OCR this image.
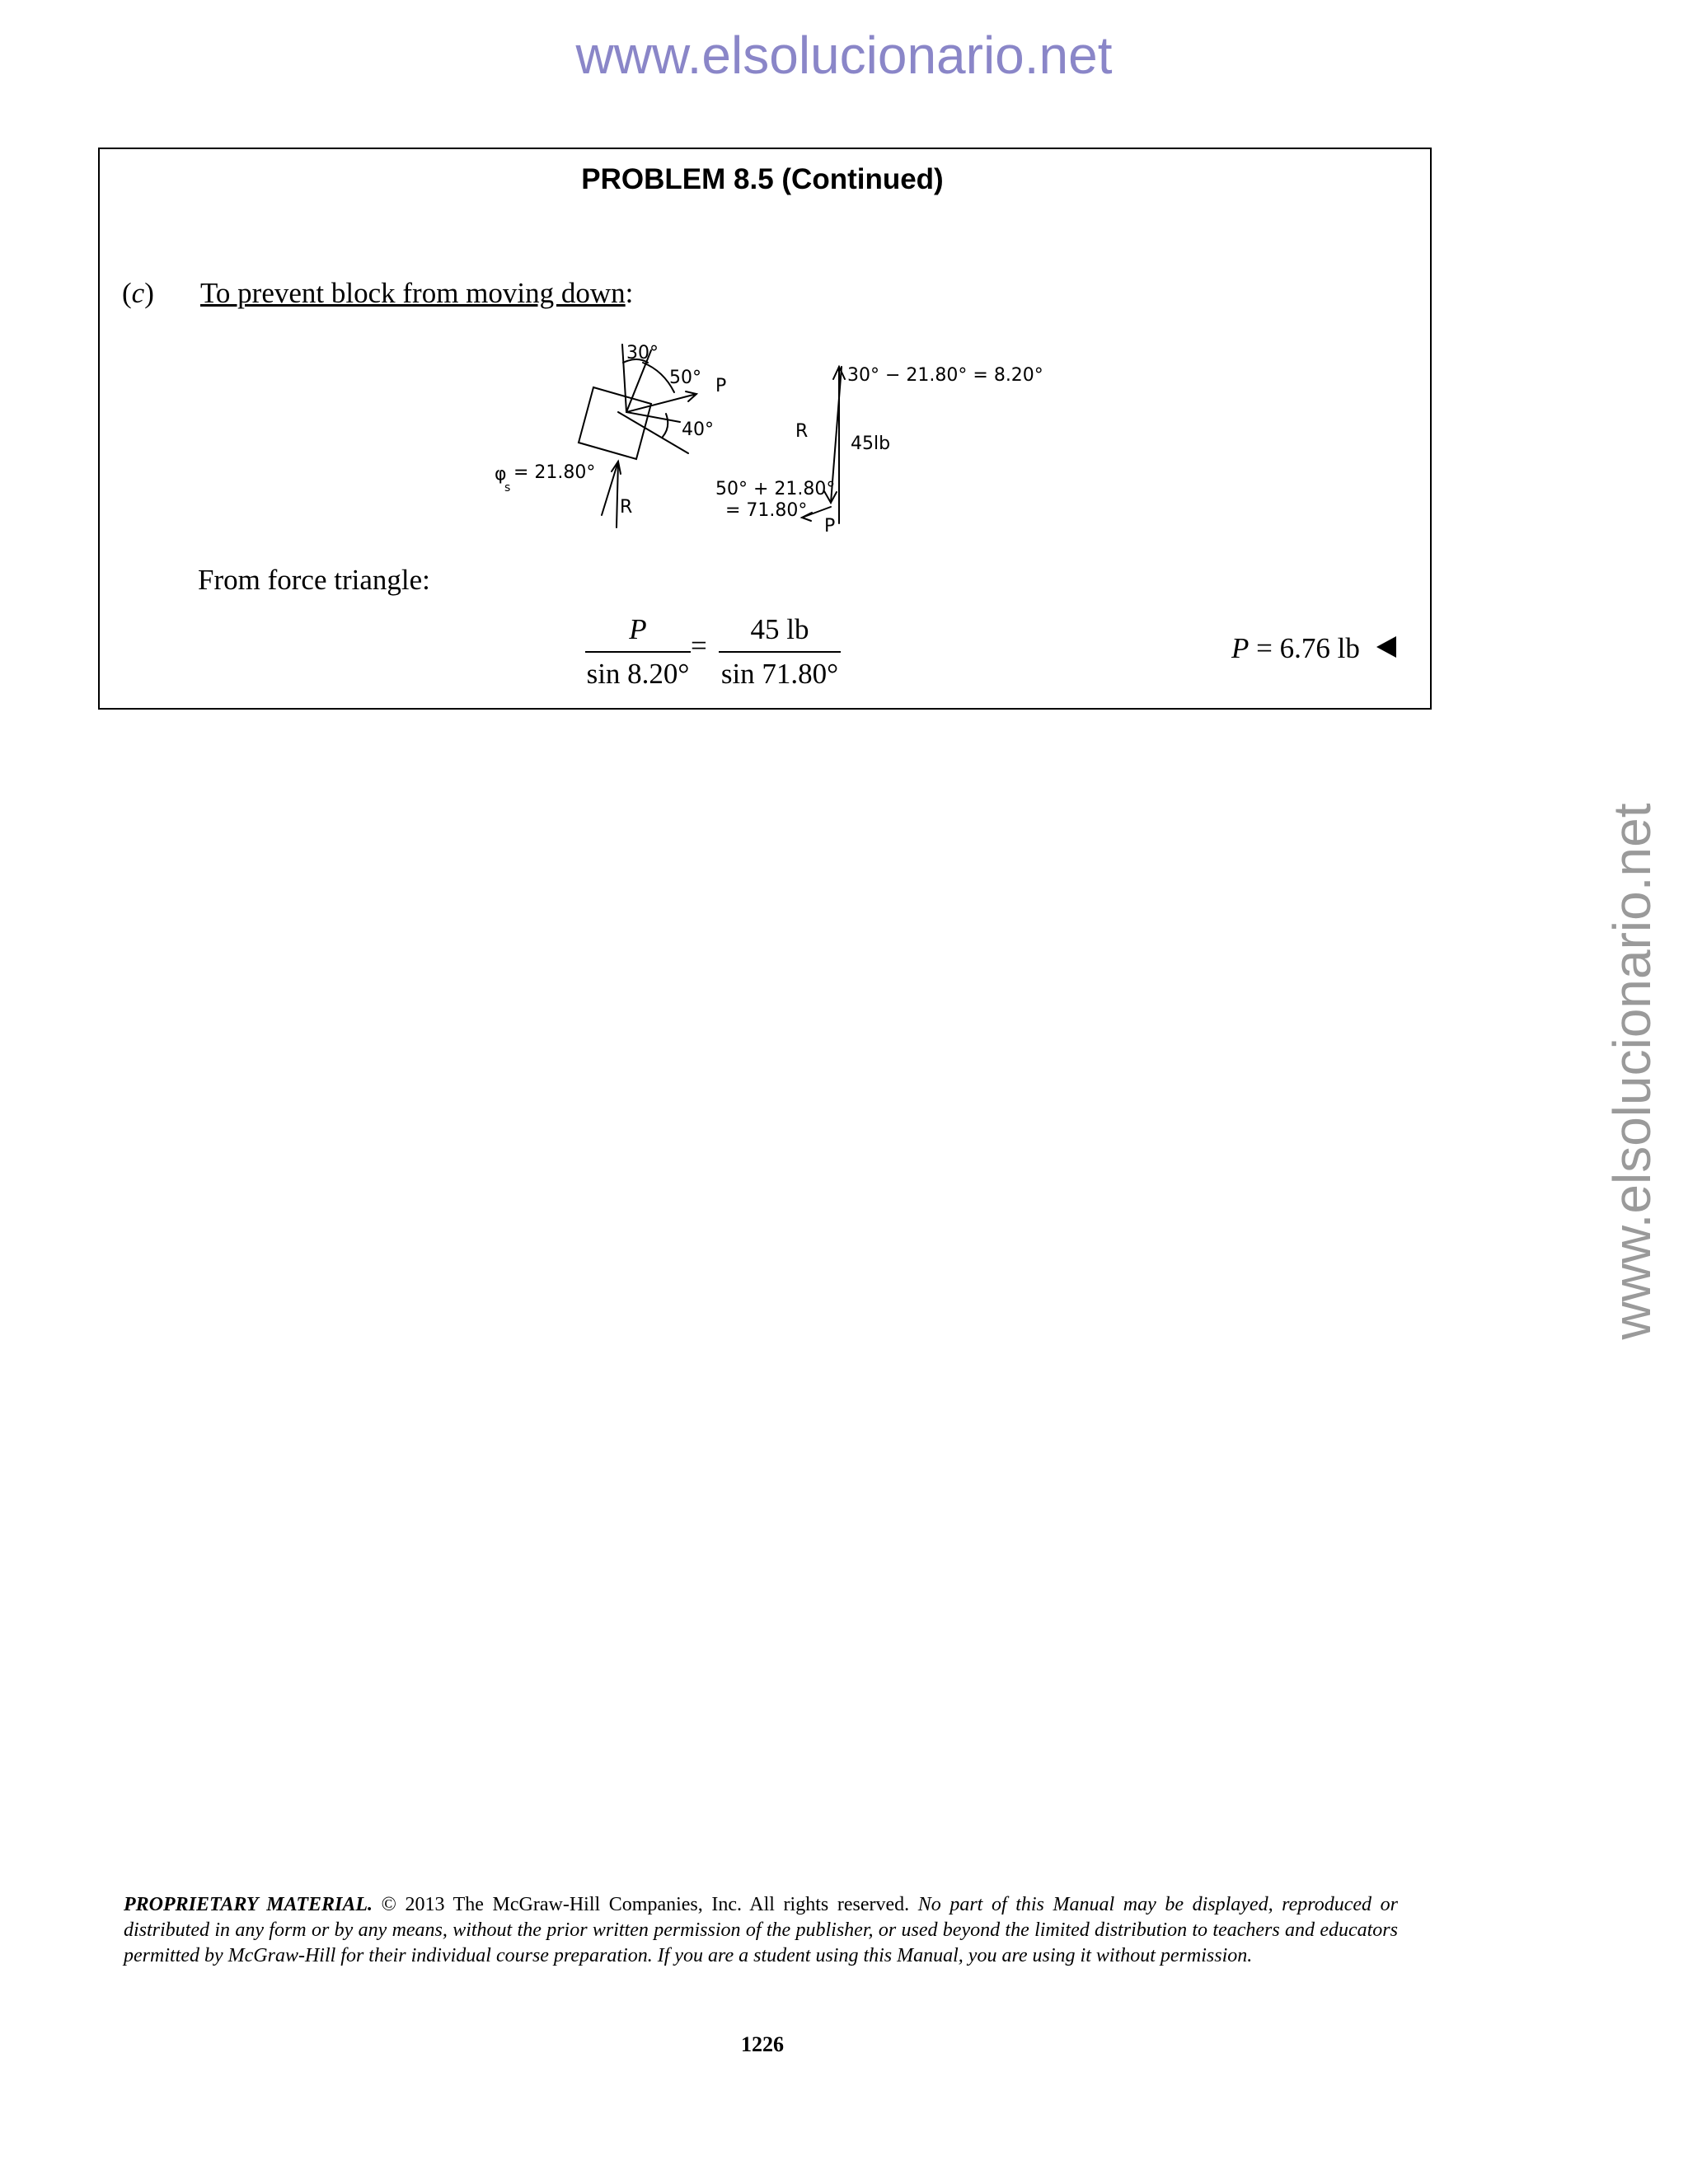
www.elsolucionario.net
www.elsolucionario.net
PROBLEM 8.5 (Continued)
(c) To prevent block from moving down:
30°
50°
40°
P
φ
s
= 21.80°
R
30° − 21.80° = 8.20°
R
45lb
50° + 21.80°
= 71.80°
P
From force triangle:
$\frac{P}{\sin 8.20^\circ} = \frac{45 lb}{\sin 71.80^\circ}$	P = 6.76 lb
PROPRIETARY MATERIAL. © 2013 The McGraw-Hill Companies, Inc. All rights reserved. No part of this Manual may be displayed, reproduced or distributed in any form or by any means, without the prior written permission of the publisher, or used beyond the limited distribution to teachers and educators permitted by McGraw-Hill for their individual course preparation. If you are a student using this Manual, you are using it without permission.
1226
